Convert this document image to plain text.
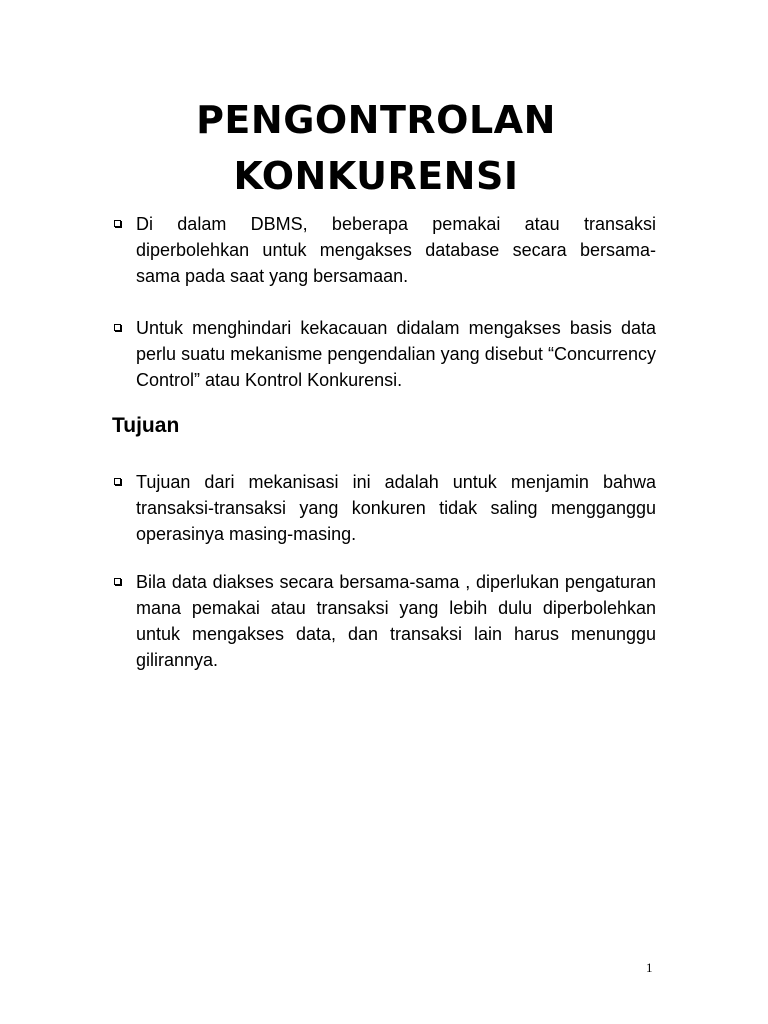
PENGONTROLAN
KONKURENSI

Di dalam DBMS, beberapa pemakai atau transaksi diperbolehkan untuk mengakses database secara bersama-sama pada saat yang bersamaan.

Untuk menghindari kekacauan didalam mengakses basis data perlu suatu mekanisme pengendalian yang disebut “Concurrency Control” atau Kontrol Konkurensi.

Tujuan

Tujuan dari mekanisasi ini adalah untuk menjamin bahwa transaksi-transaksi yang konkuren tidak saling mengganggu operasinya masing-masing.

Bila data diakses secara bersama-sama , diperlukan pengaturan mana pemakai atau transaksi yang lebih dulu diperbolehkan untuk mengakses data, dan transaksi lain harus menunggu gilirannya.

1
